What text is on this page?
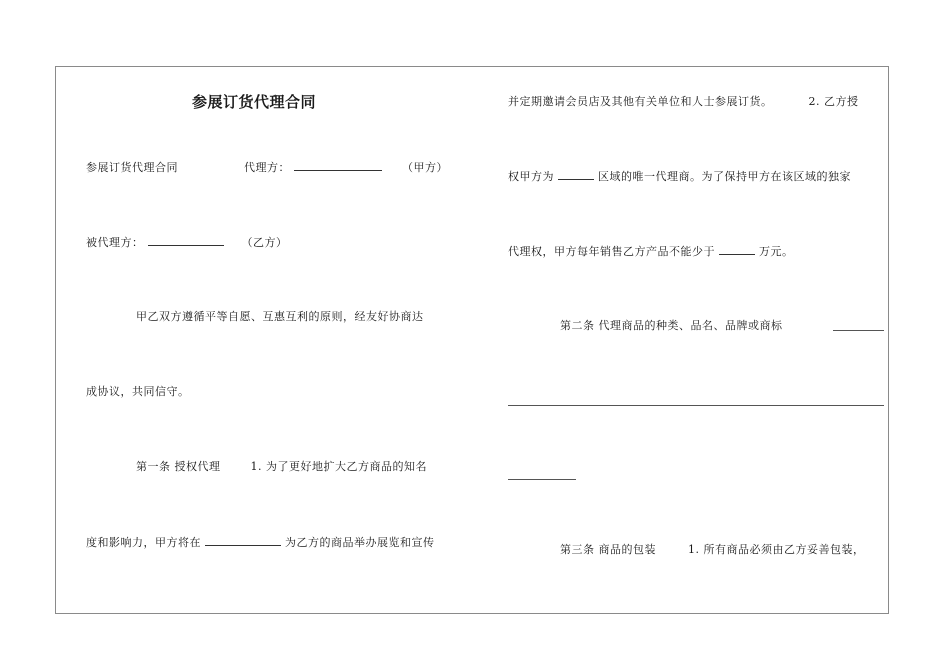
参展订货代理合同
参展订货代理合同	代理方：	（甲方）
被代理方：	（乙方）
甲乙双方遵循平等自愿、互惠互利的原则，经友好协商达
成协议，共同信守。
第一条 授权代理	1. 为了更好地扩大乙方商品的知名
度和影响力，甲方将在	为乙方的商品举办展览和宣传
并定期邀请会员店及其他有关单位和人士参展订货。	2. 乙方授
权甲方为	区域的唯一代理商。为了保持甲方在该区域的独家
代理权，甲方每年销售乙方产品不能少于	万元。
第二条 代理商品的种类、品名、品牌或商标
第三条 商品的包装	1. 所有商品必须由乙方妥善包装，
